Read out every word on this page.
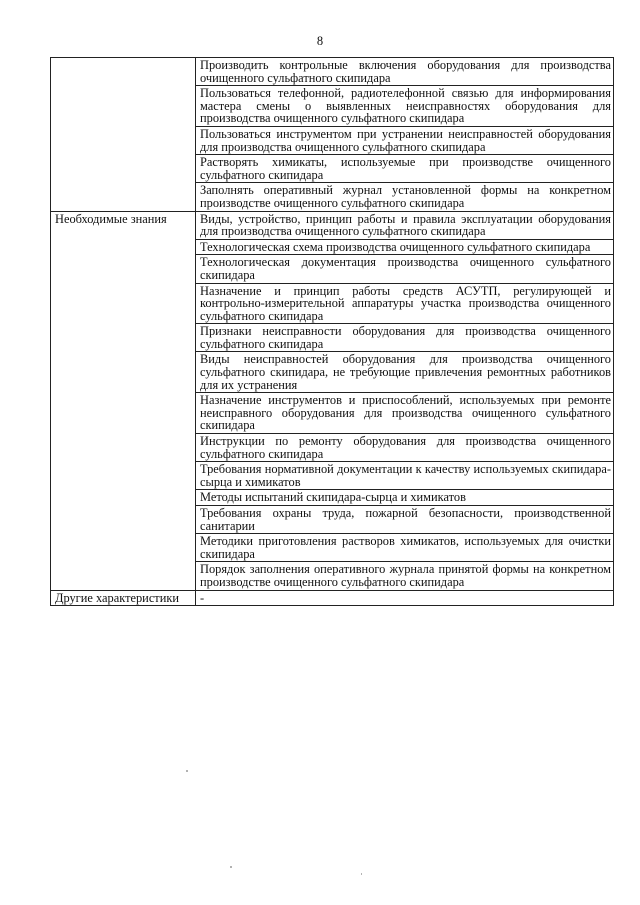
8
	Производить контрольные включения оборудования для производства очищенного сульфатного скипидара
	Пользоваться телефонной, радиотелефонной связью для информирования мастера смены о выявленных неисправностях оборудования для производства очищенного сульфатного скипидара
	Пользоваться инструментом при устранении неисправностей оборудования для производства очищенного сульфатного скипидара
	Растворять химикаты, используемые при производстве очищенного сульфатного скипидара
	Заполнять оперативный журнал установленной формы на конкретном производстве очищенного сульфатного скипидара
Необходимые знания	Виды, устройство, принцип работы и правила эксплуатации оборудования для производства очищенного сульфатного скипидара
	Технологическая схема производства очищенного сульфатного скипидара
	Технологическая документация производства очищенного сульфатного скипидара
	Назначение и принцип работы средств АСУТП, регулирующей и контрольно-измерительной аппаратуры участка производства очищенного сульфатного скипидара
	Признаки неисправности оборудования для производства очищенного сульфатного скипидара
	Виды неисправностей оборудования для производства очищенного сульфатного скипидара, не требующие привлечения ремонтных работников для их устранения
	Назначение инструментов и приспособлений, используемых при ремонте неисправного оборудования для производства очищенного сульфатного скипидара
	Инструкции по ремонту оборудования для производства очищенного сульфатного скипидара
	Требования нормативной документации к качеству используемых скипидара-сырца и химикатов
	Методы испытаний скипидара-сырца и химикатов
	Требования охраны труда, пожарной безопасности, производственной санитарии
	Методики приготовления растворов химикатов, используемых для очистки скипидара
	Порядок заполнения оперативного журнала принятой формы на конкретном производстве очищенного сульфатного скипидара
Другие характеристики	-
